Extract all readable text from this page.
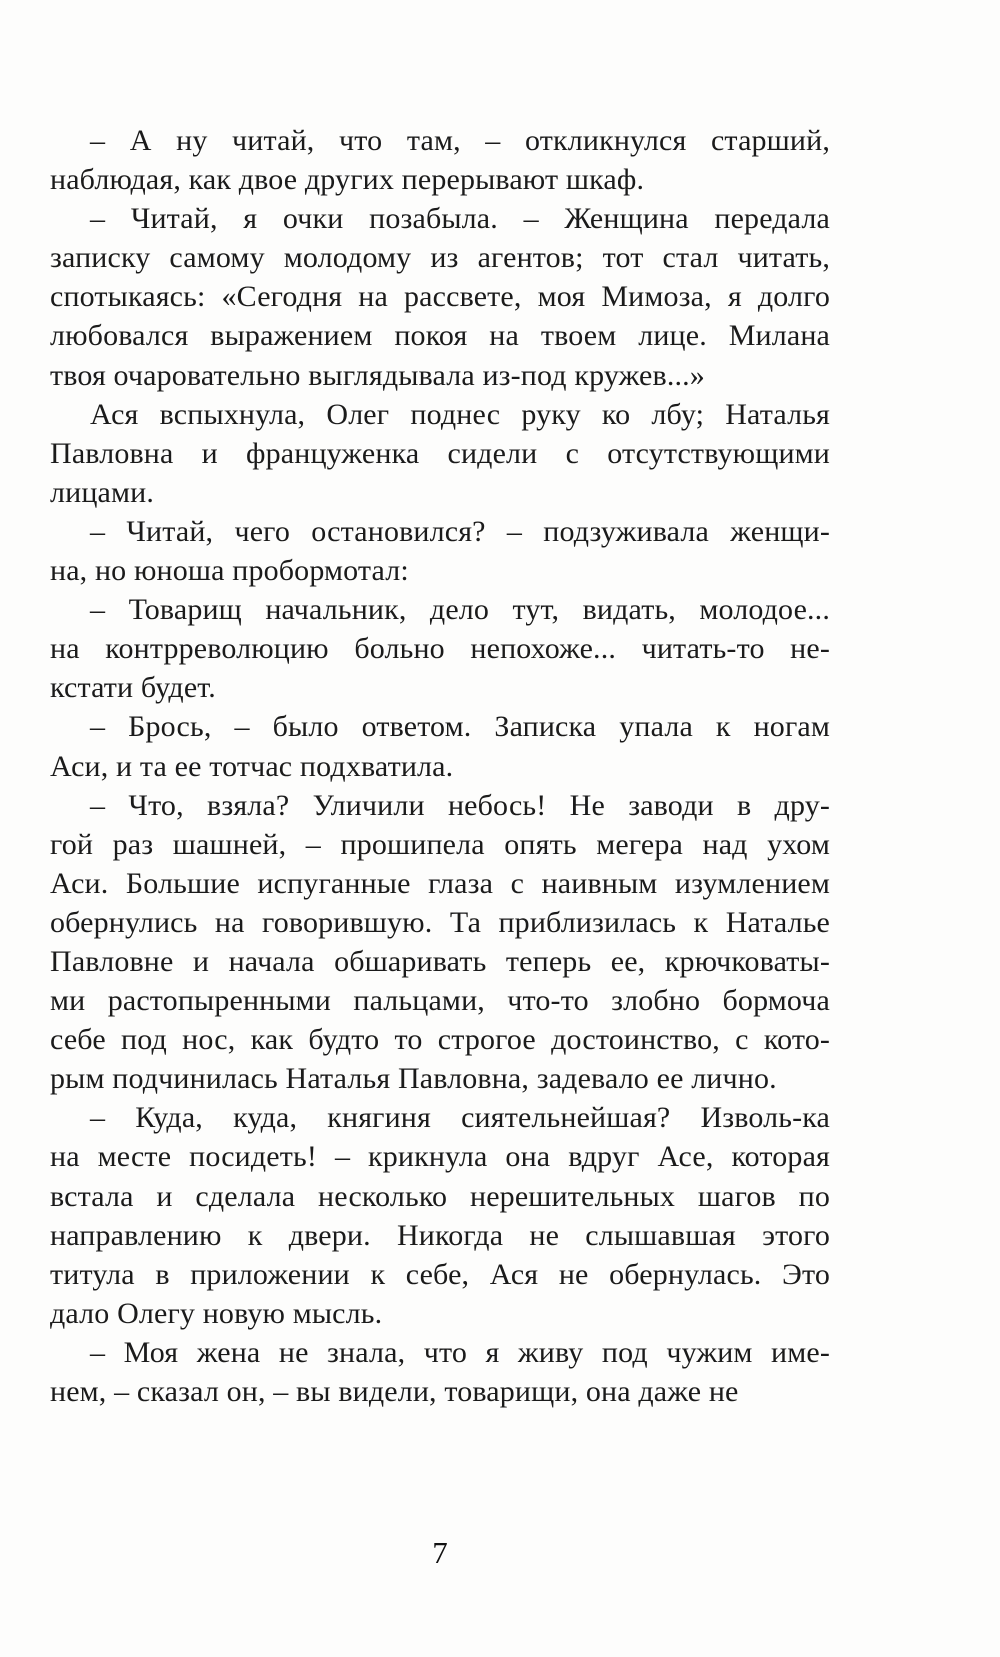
– А ну читай, что там, – откликнулся старший,
наблюдая, как двое других перерывают шкаф.
– Читай, я очки позабыла. – Женщина передала
записку самому молодому из агентов; тот стал читать,
спотыкаясь: «Сегодня на рассвете, моя Мимоза, я долго
любовался выражением покоя на твоем лице. Милана
твоя очаровательно выглядывала из-под кружев...»
Ася вспыхнула, Олег поднес руку ко лбу; Наталья
Павловна и француженка сидели с отсутствующими
лицами.
– Читай, чего остановился? – подзуживала женщи-
на, но юноша пробормотал:
– Товарищ начальник, дело тут, видать, молодое...
на контрреволюцию больно непохоже... читать-то не-
кстати будет.
– Брось, – было ответом. Записка упала к ногам
Аси, и та ее тотчас подхватила.
– Что, взяла? Уличили небось! Не заводи в дру-
гой раз шашней, – прошипела опять мегера над ухом
Аси. Большие испуганные глаза с наивным изумлением
обернулись на говорившую. Та приблизилась к Наталье
Павловне и начала обшаривать теперь ее, крючковаты-
ми растопыренными пальцами, что-то злобно бормоча
себе под нос, как будто то строгое достоинство, с кото-
рым подчинилась Наталья Павловна, задевало ее лично.
– Куда, куда, княгиня сиятельнейшая? Изволь-ка
на месте посидеть! – крикнула она вдруг Асе, которая
встала и сделала несколько нерешительных шагов по
направлению к двери. Никогда не слышавшая этого
титула в приложении к себе, Ася не обернулась. Это
дало Олегу новую мысль.
– Моя жена не знала, что я живу под чужим име-
нем, – сказал он, – вы видели, товарищи, она даже не
7
